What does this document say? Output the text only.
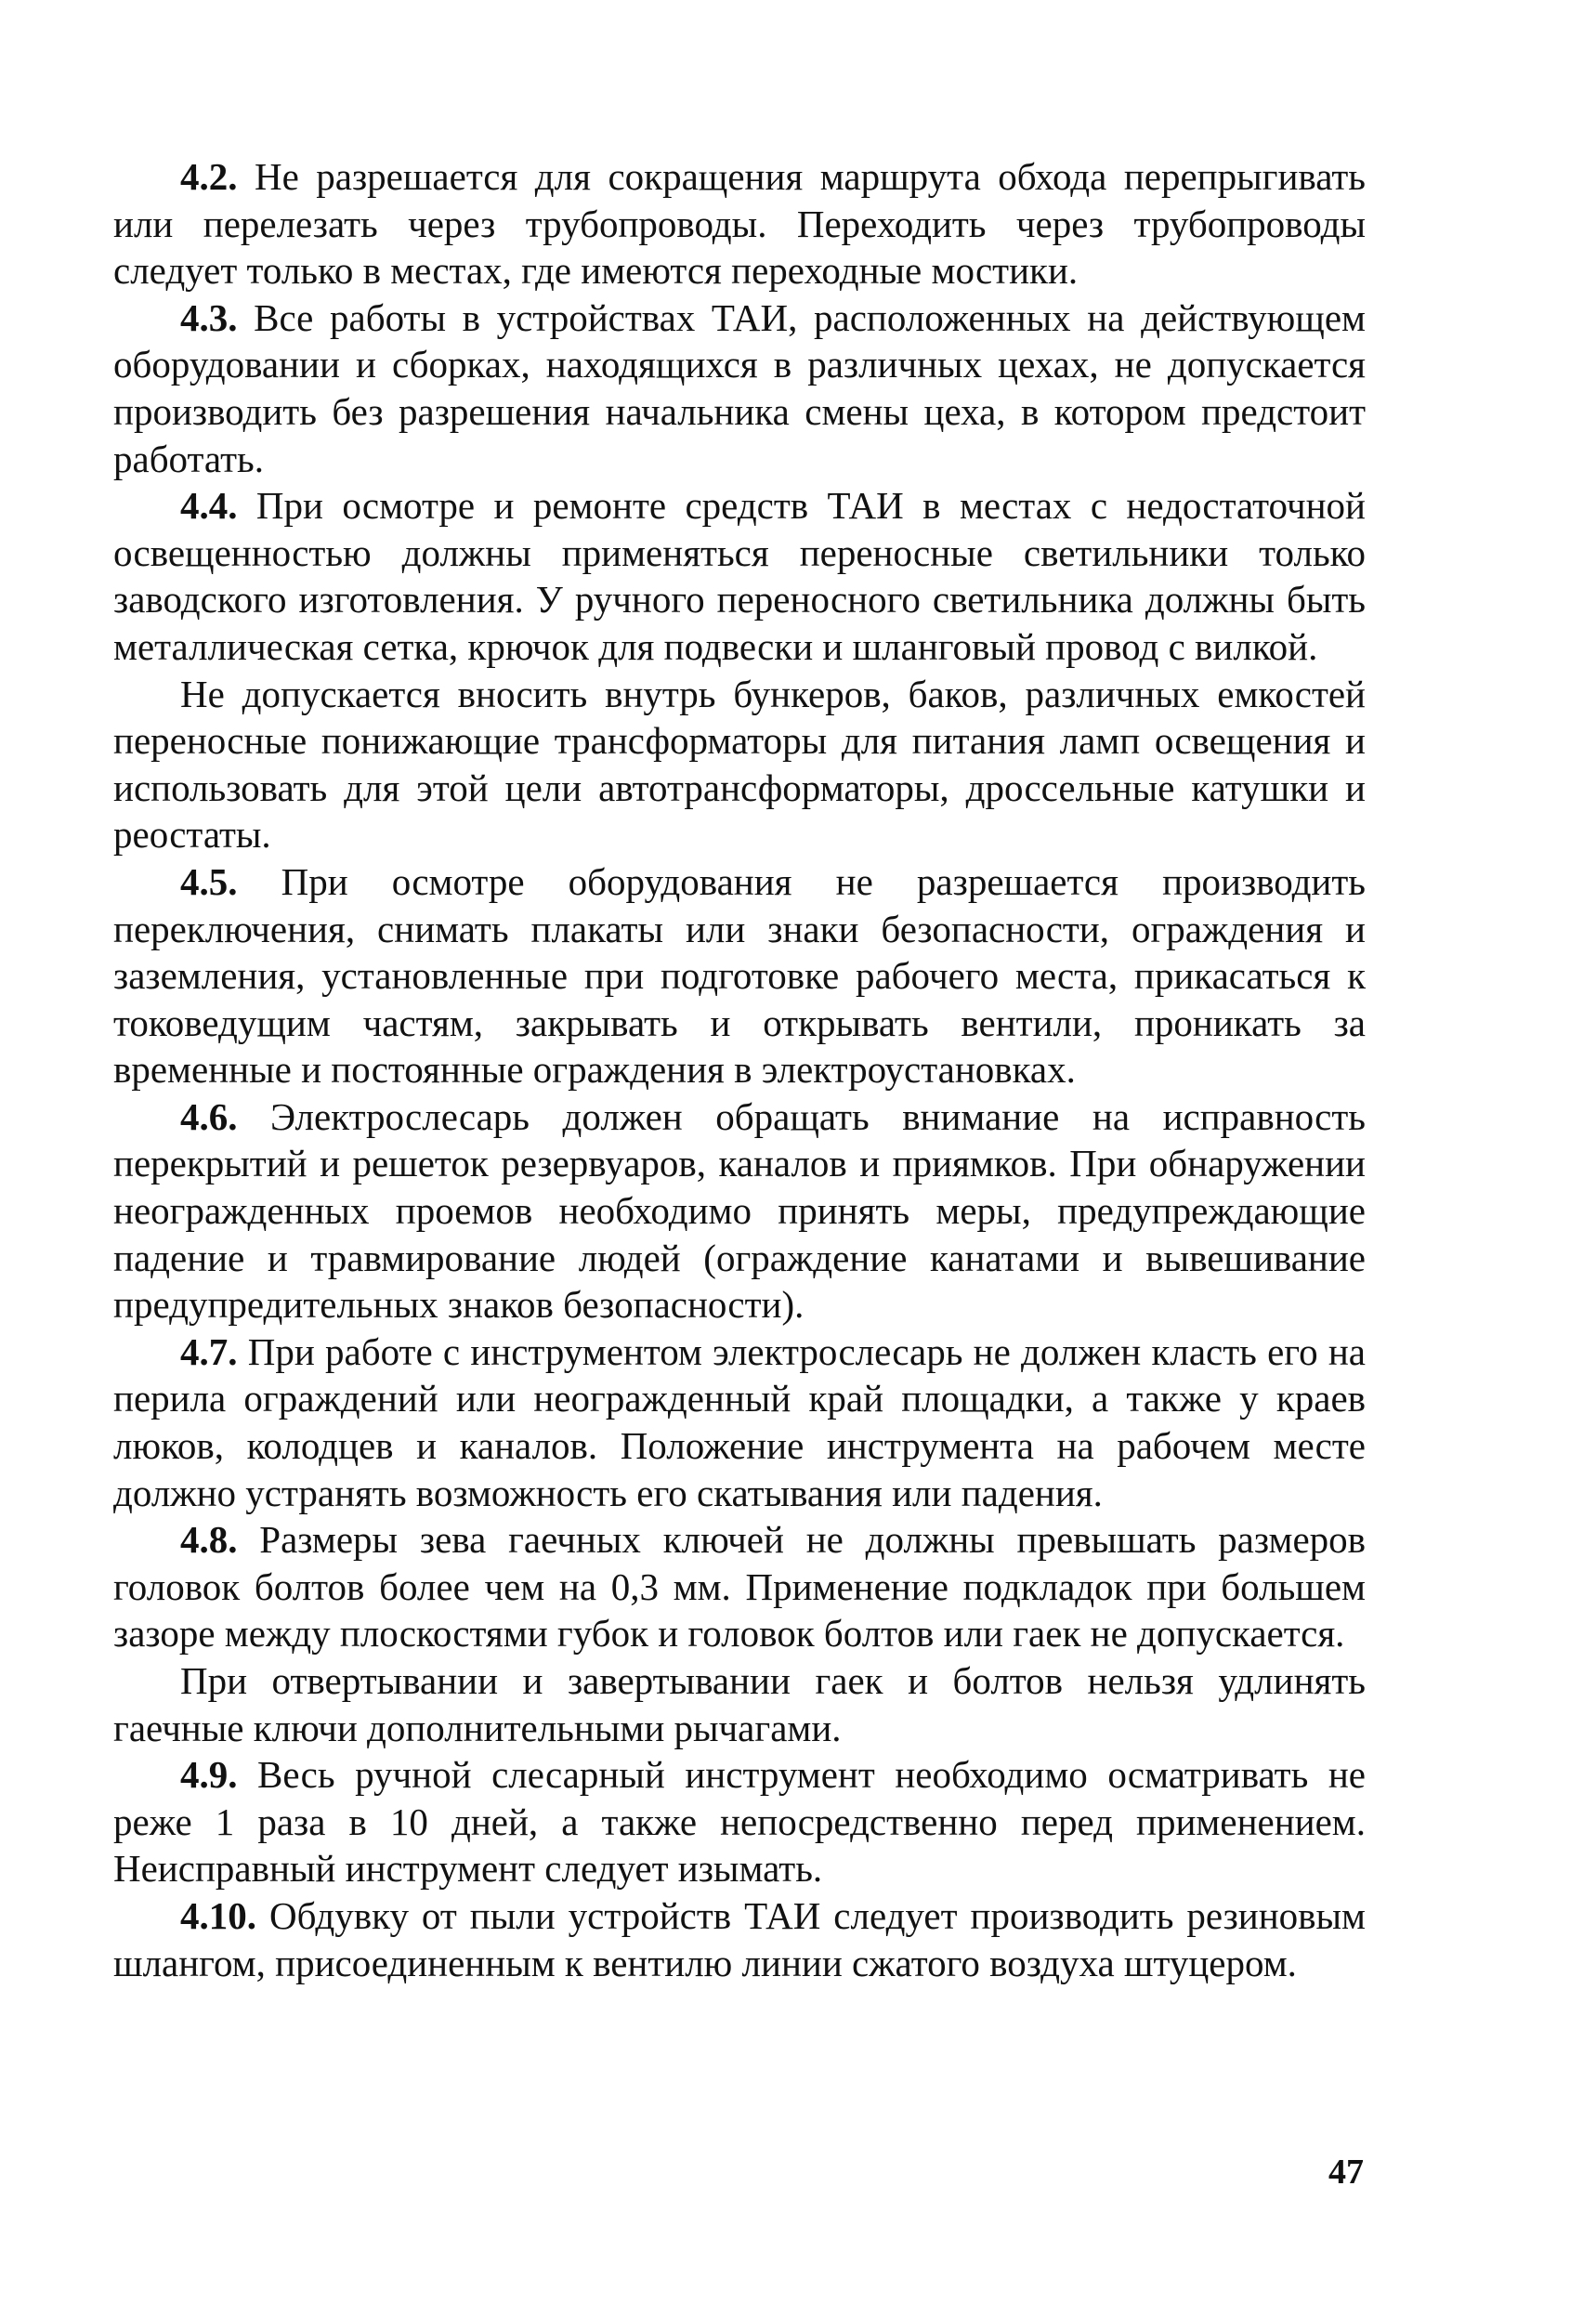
4.2. Не разрешается для сокращения маршрута обхода перепрыгивать или перелезать через трубопроводы. Переходить через трубопроводы следует только в местах, где имеются переходные мостики.

4.3. Все работы в устройствах ТАИ, расположенных на действующем оборудовании и сборках, находящихся в различных цехах, не допускается производить без разрешения начальника смены цеха, в котором предстоит работать.

4.4. При осмотре и ремонте средств ТАИ в местах с недостаточной освещенностью должны применяться переносные светильники только заводского изготовления. У ручного переносного светильника должны быть металлическая сетка, крючок для подвески и шланговый провод с вилкой.

Не допускается вносить внутрь бункеров, баков, различных емкостей переносные понижающие трансформаторы для питания ламп освещения и использовать для этой цели автотрансформаторы, дроссельные катушки и реостаты.

4.5. При осмотре оборудования не разрешается производить переключения, снимать плакаты или знаки безопасности, ограждения и заземления, установленные при подготовке рабочего места, прикасаться к токоведущим частям, закрывать и открывать вентили, проникать за временные и постоянные ограждения в электроустановках.

4.6. Электрослесарь должен обращать внимание на исправность перекрытий и решеток резервуаров, каналов и приямков. При обнаружении неогражденных проемов необходимо принять меры, предупреждающие падение и травмирование людей (ограждение канатами и вывешивание предупредительных знаков безопасности).

4.7. При работе с инструментом электрослесарь не должен класть его на перила ограждений или неогражденный край площадки, а также у краев люков, колодцев и каналов. Положение инструмента на рабочем месте должно устранять возможность его скатывания или падения.

4.8. Размеры зева гаечных ключей не должны превышать размеров головок болтов более чем на 0,3 мм. Применение подкладок при большем зазоре между плоскостями губок и головок болтов или гаек не допускается.

При отвертывании и завертывании гаек и болтов нельзя удлинять гаечные ключи дополнительными рычагами.

4.9. Весь ручной слесарный инструмент необходимо осматривать не реже 1 раза в 10 дней, а также непосредственно перед применением. Неисправный инструмент следует изымать.

4.10. Обдувку от пыли устройств ТАИ следует производить резиновым шлангом, присоединенным к вентилю линии сжатого воздуха штуцером.

47
